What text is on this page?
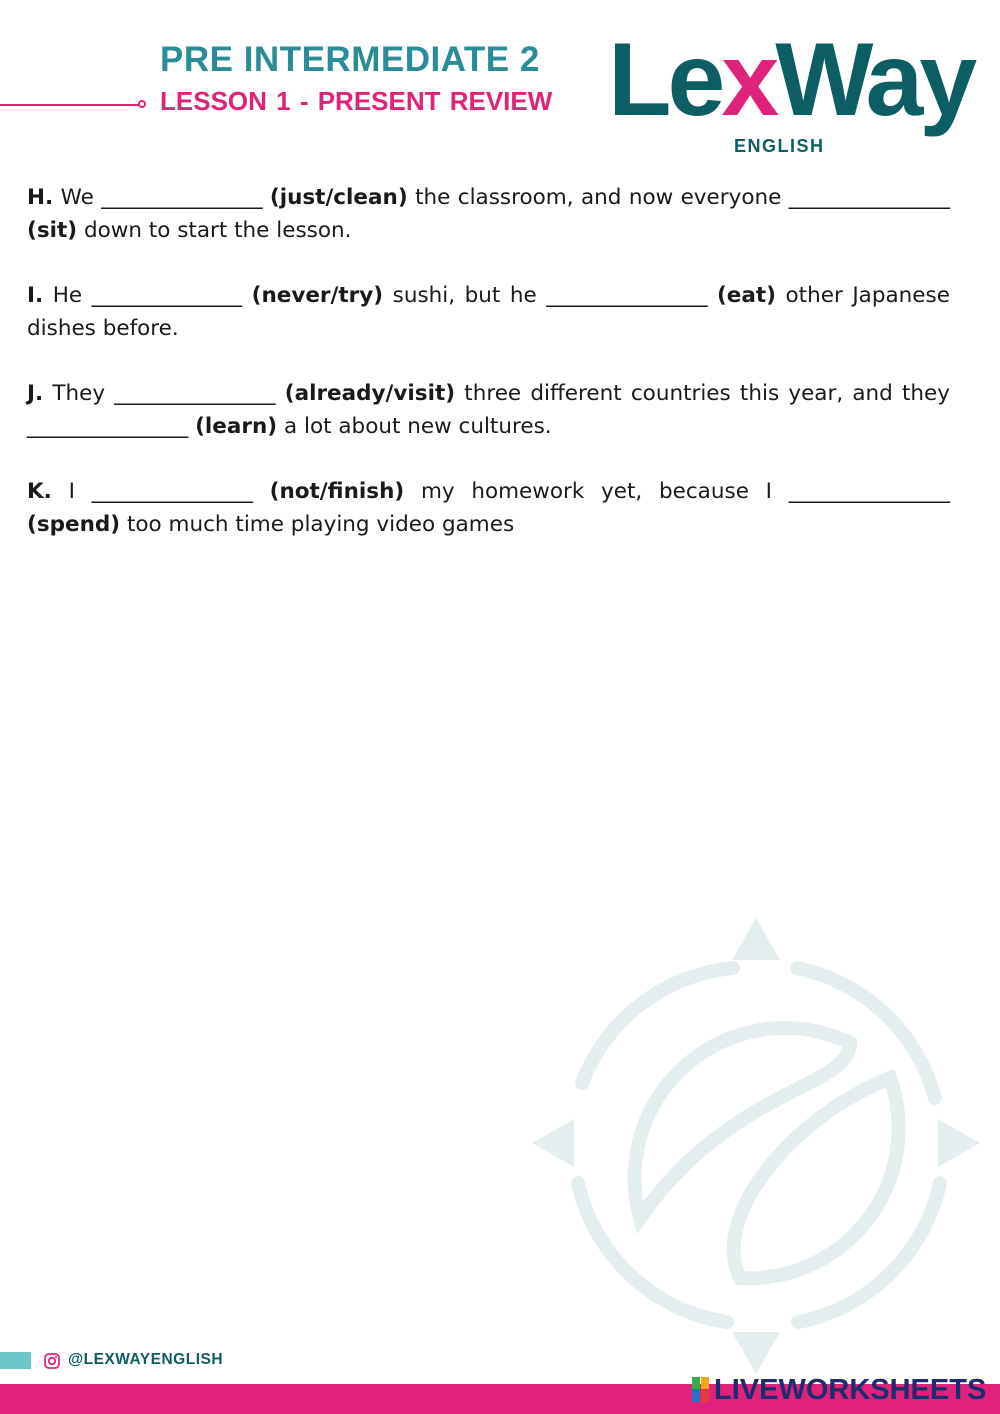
PRE INTERMEDIATE 2
LESSON 1 - PRESENT REVIEW LexWay
ENGLISH

H. We _______________ (just/clean) the classroom, and now everyone _______________ (sit) down to start the lesson.

I. He ______________ (never/try) sushi, but he _______________ (eat) other Japanese dishes before.

J. They _______________ (already/visit) three different countries this year, and they _______________ (learn) a lot about new cultures.

K. I _______________ (not/finish) my homework yet, because I _______________ (spend) too much time playing video games

@LEXWAYENGLISH
LIVEWORKSHEETS
